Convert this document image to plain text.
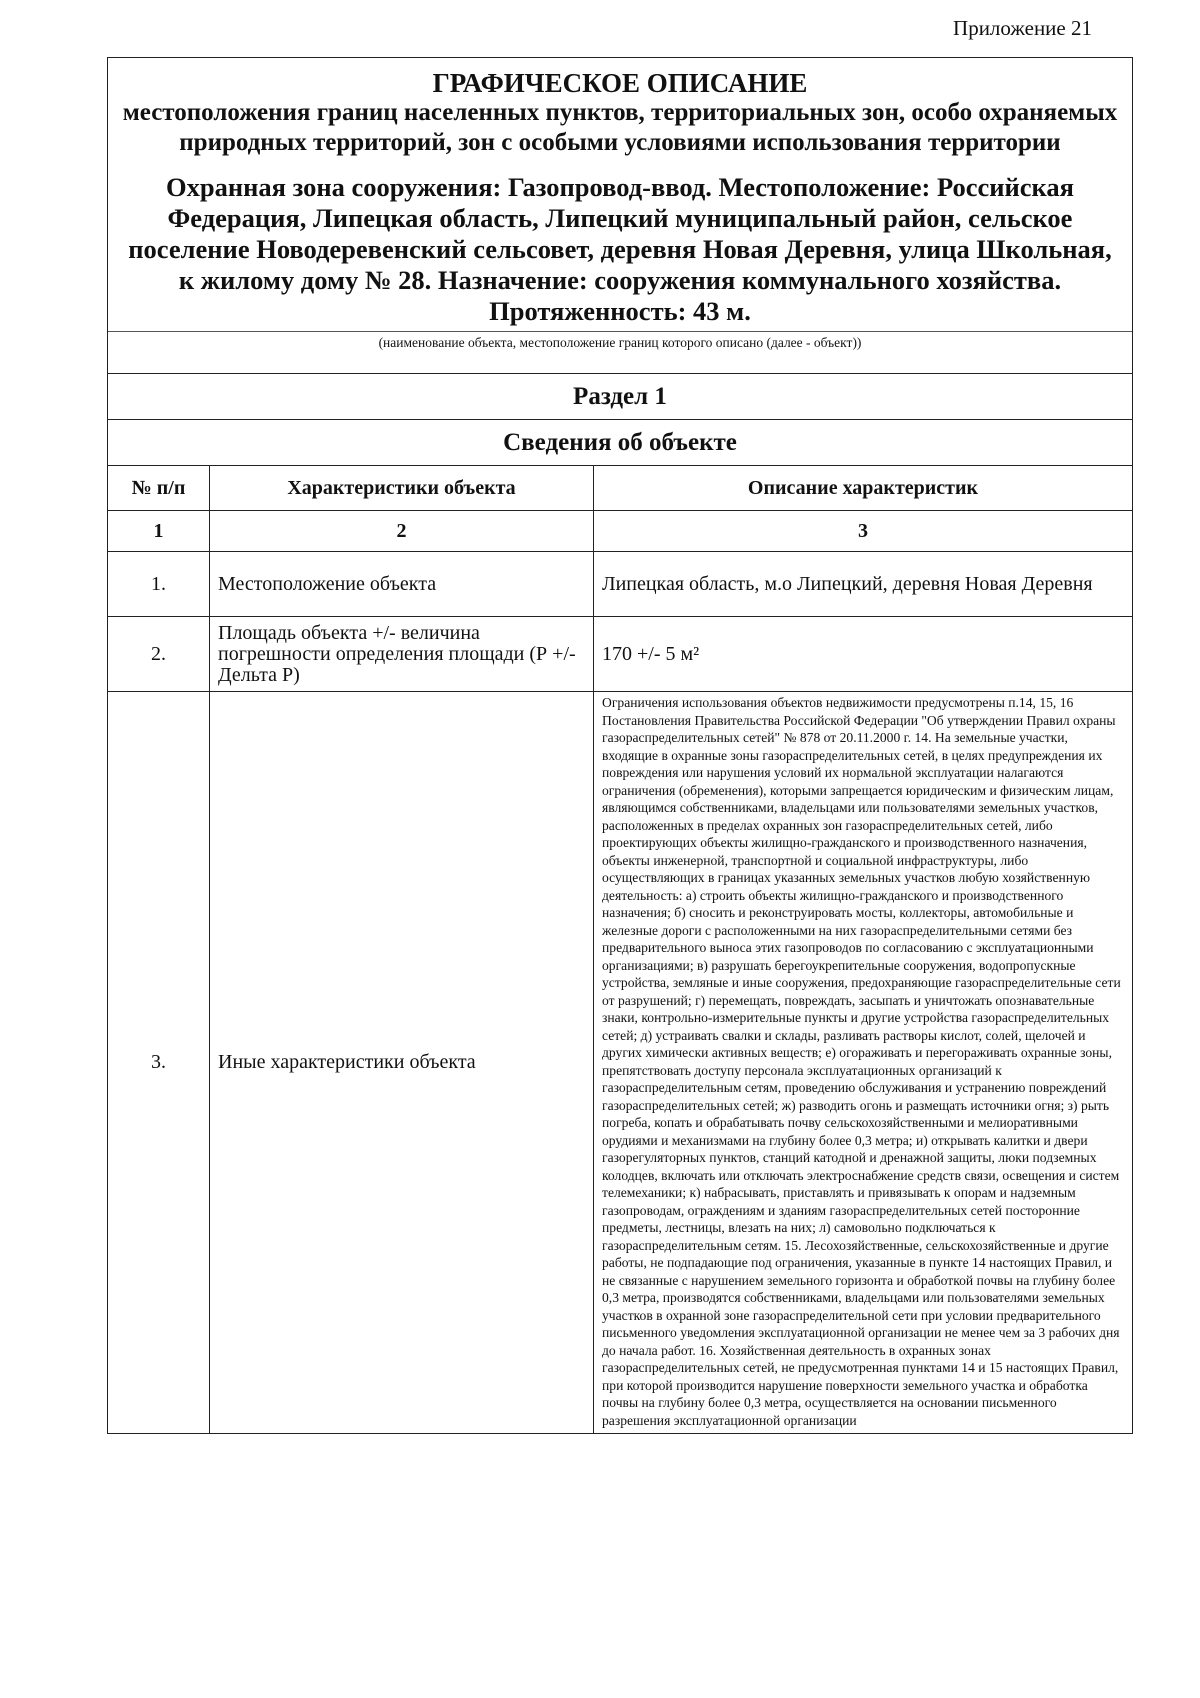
Приложение 21
ГРАФИЧЕСКОЕ ОПИСАНИЕ
местоположения границ населенных пунктов, территориальных зон, особо охраняемых природных территорий, зон с особыми условиями использования территории
Охранная зона сооружения: Газопровод-ввод. Местоположение: Российская Федерация, Липецкая область, Липецкий муниципальный район, сельское поселение Новодеревенский сельсовет, деревня Новая Деревня, улица Школьная, к жилому дому № 28. Назначение: сооружения коммунального хозяйства. Протяженность: 43 м.
(наименование объекта, местоположение границ которого описано (далее - объект))
Раздел 1
Сведения об объекте
№ п/п	Характеристики объекта	Описание характеристик
1	2	3
1.	Местоположение объекта	Липецкая область, м.о Липецкий, деревня Новая Деревня
2.	Площадь объекта +/- величина погрешности определения площади (Р +/- Дельта Р)	170 +/- 5 м²
3.	Иные характеристики объекта	Ограничения использования объектов недвижимости предусмотрены п.14, 15, 16 Постановления Правительства Российской Федерации "Об утверждении Правил охраны газораспределительных сетей" № 878 от 20.11.2000 г. 14. На земельные участки, входящие в охранные зоны газораспределительных сетей, в целях предупреждения их повреждения или нарушения условий их нормальной эксплуатации налагаются ограничения (обременения), которыми запрещается юридическим и физическим лицам, являющимся собственниками, владельцами или пользователями земельных участков, расположенных в пределах охранных зон газораспределительных сетей, либо проектирующих объекты жилищно-гражданского и производственного назначения, объекты инженерной, транспортной и социальной инфраструктуры, либо осуществляющих в границах указанных земельных участков любую хозяйственную деятельность: а) строить объекты жилищно-гражданского и производственного назначения; б) сносить и реконструировать мосты, коллекторы, автомобильные и железные дороги с расположенными на них газораспределительными сетями без предварительного выноса этих газопроводов по согласованию с эксплуатационными организациями; в) разрушать берегоукрепительные сооружения, водопропускные устройства, земляные и иные сооружения, предохраняющие газораспределительные сети от разрушений; г) перемещать, повреждать, засыпать и уничтожать опознавательные знаки, контрольно-измерительные пункты и другие устройства газораспределительных сетей; д) устраивать свалки и склады, разливать растворы кислот, солей, щелочей и других химически активных веществ; е) огораживать и перегораживать охранные зоны, препятствовать доступу персонала эксплуатационных организаций к газораспределительным сетям, проведению обслуживания и устранению повреждений газораспределительных сетей; ж) разводить огонь и размещать источники огня; з) рыть погреба, копать и обрабатывать почву сельскохозяйственными и мелиоративными орудиями и механизмами на глубину более 0,3 метра; и) открывать калитки и двери газорегуляторных пунктов, станций катодной и дренажной защиты, люки подземных колодцев, включать или отключать электроснабжение средств связи, освещения и систем телемеханики; к) набрасывать, приставлять и привязывать к опорам и надземным газопроводам, ограждениям и зданиям газораспределительных сетей посторонние предметы, лестницы, влезать на них; л) самовольно подключаться к газораспределительным сетям. 15. Лесохозяйственные, сельскохозяйственные и другие работы, не подпадающие под ограничения, указанные в пункте 14 настоящих Правил, и не связанные с нарушением земельного горизонта и обработкой почвы на глубину более 0,3 метра, производятся собственниками, владельцами или пользователями земельных участков в охранной зоне газораспределительной сети при условии предварительного письменного уведомления эксплуатационной организации не менее чем за 3 рабочих дня до начала работ. 16. Хозяйственная деятельность в охранных зонах газораспределительных сетей, не предусмотренная пунктами 14 и 15 настоящих Правил, при которой производится нарушение поверхности земельного участка и обработка почвы на глубину более 0,3 метра, осуществляется на основании письменного разрешения эксплуатационной организации
